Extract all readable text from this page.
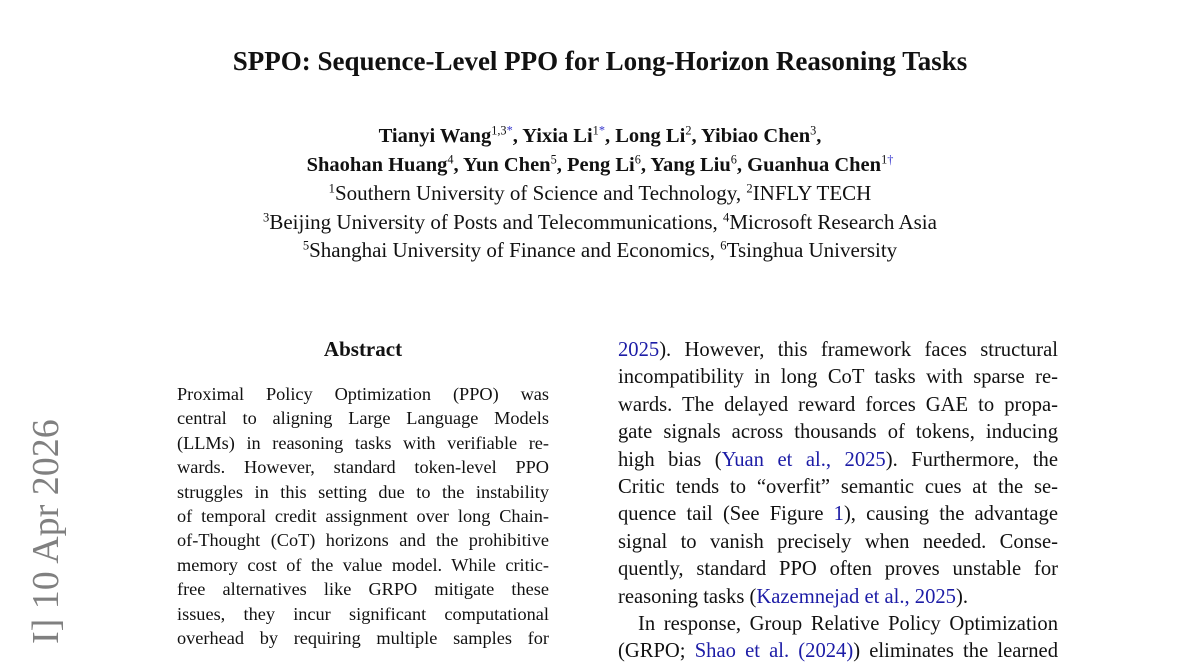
I] 10 Apr 2026
SPPO: Sequence-Level PPO for Long-Horizon Reasoning Tasks
Tianyi Wang$^{1,3*}$, Yixia $Li^{1*}$, Long Li$^2$, Yibiao Chen$^3$,
Shaohan Huang$^4$, Yun Chen$^5$, Peng Li$^6$, Yang Liu$^6$, Guanhua Chen$^{1\dagger}$
$^1$Southern University of Science and Technology, $^2$INFLY TECH
$^3$Beijing University of Posts and Telecommunications, $^4$Microsoft Research Asia
$^5$Shanghai University of Finance and Economics, $^6$Tsinghua University
Abstract
Proximal Policy Optimization (PPO) was
central to aligning Large Language Models
(LLMs) in reasoning tasks with verifiable re-
wards. However, standard token-level PPO
struggles in this setting due to the instability
of temporal credit assignment over long Chain-
of-Thought (CoT) horizons and the prohibitive
memory cost of the value model. While critic-
free alternatives like GRPO mitigate these
issues, they incur significant computational
overhead by requiring multiple samples for
2025). However, this framework faces structural
incompatibility in long CoT tasks with sparse re-
wards. The delayed reward forces GAE to propa-
gate signals across thousands of tokens, inducing
high bias (Yuan et al., 2025). Furthermore, the
Critic tends to “overfit” semantic cues at the se-
quence tail (See Figure 1), causing the advantage
signal to vanish precisely when needed. Conse-
quently, standard PPO often proves unstable for
reasoning tasks (Kazemnejad et al., 2025).
In response, Group Relative Policy Optimization
(GRPO; Shao et al. (2024)) eliminates the learned
